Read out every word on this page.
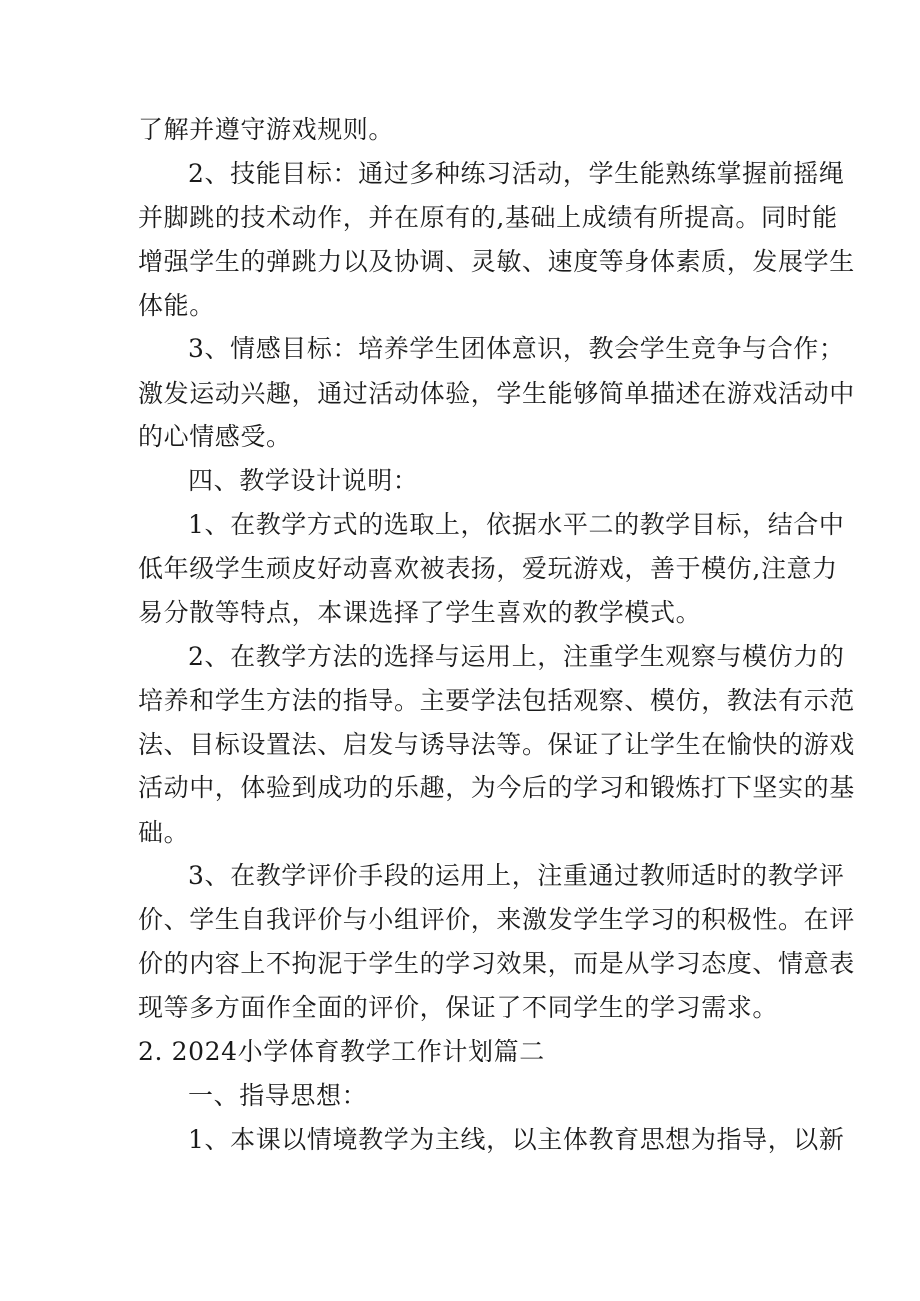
了解并遵守游戏规则。
2、技能目标：通过多种练习活动，学生能熟练掌握前摇绳
并脚跳的技术动作，并在原有的,基础上成绩有所提高。同时能
增强学生的弹跳力以及协调、灵敏、速度等身体素质，发展学生
体能。
3、情感目标：培养学生团体意识，教会学生竞争与合作；
激发运动兴趣，通过活动体验，学生能够简单描述在游戏活动中
的心情感受。
四、教学设计说明：
1、在教学方式的选取上，依据水平二的教学目标，结合中
低年级学生顽皮好动喜欢被表扬，爱玩游戏，善于模仿,注意力
易分散等特点，本课选择了学生喜欢的教学模式。
2、在教学方法的选择与运用上，注重学生观察与模仿力的
培养和学生方法的指导。主要学法包括观察、模仿，教法有示范
法、目标设置法、启发与诱导法等。保证了让学生在愉快的游戏
活动中，体验到成功的乐趣，为今后的学习和锻炼打下坚实的基
础。
3、在教学评价手段的运用上，注重通过教师适时的教学评
价、学生自我评价与小组评价，来激发学生学习的积极性。在评
价的内容上不拘泥于学生的学习效果，而是从学习态度、情意表
现等多方面作全面的评价，保证了不同学生的学习需求。
2. 2024小学体育教学工作计划篇二
一、指导思想：
1、本课以情境教学为主线，以主体教育思想为指导，以新
